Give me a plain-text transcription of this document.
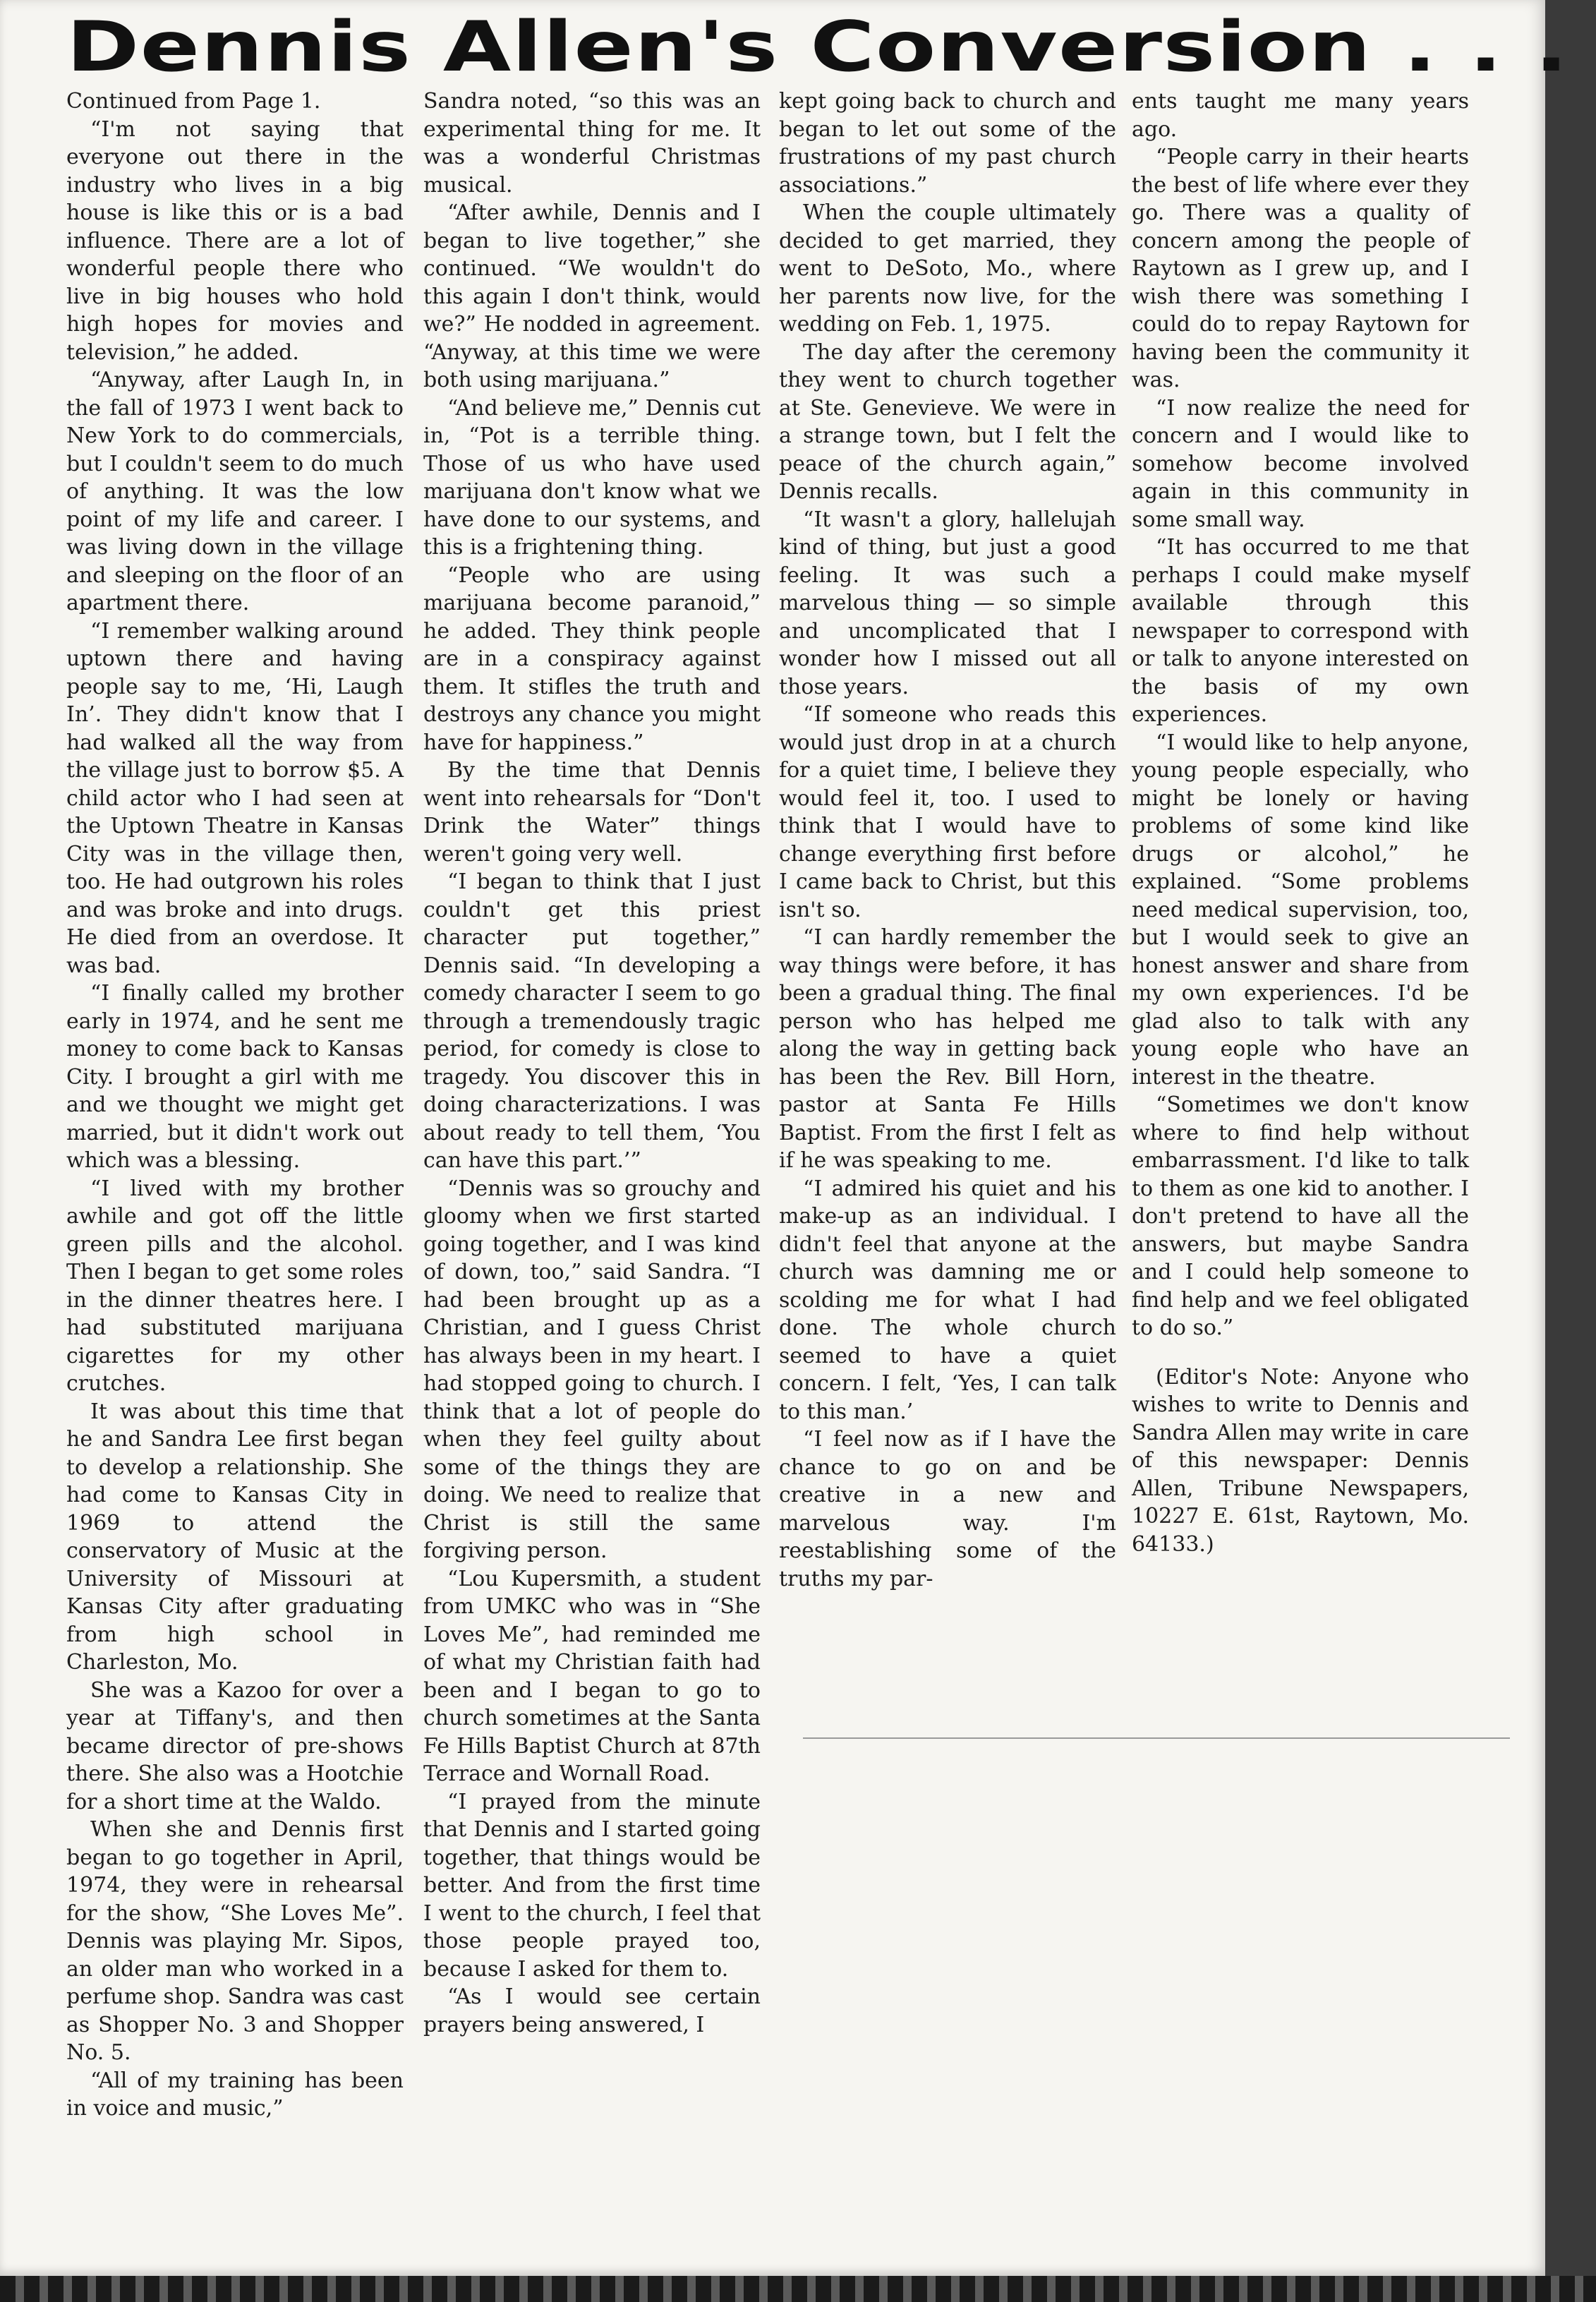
Dennis Allen's Conversion . . .

Continued from Page 1.

“I'm not saying that everyone out there in the industry who lives in a big house is like this or is a bad influence. There are a lot of wonderful people there who live in big houses who hold high hopes for movies and television,” he added.

“Anyway, after Laugh In, in the fall of 1973 I went back to New York to do commercials, but I couldn't seem to do much of anything. It was the low point of my life and career. I was living down in the village and sleeping on the floor of an apartment there.

“I remember walking around uptown there and having people say to me, ‘Hi, Laugh In’. They didn't know that I had walked all the way from the village just to borrow $5. A child actor who I had seen at the Uptown Theatre in Kansas City was in the village then, too. He had outgrown his roles and was broke and into drugs. He died from an overdose. It was bad.

“I finally called my brother early in 1974, and he sent me money to come back to Kansas City. I brought a girl with me and we thought we might get married, but it didn't work out which was a blessing.

“I lived with my brother awhile and got off the little green pills and the alcohol. Then I began to get some roles in the dinner theatres here. I had substituted marijuana cigarettes for my other crutches.

It was about this time that he and Sandra Lee first began to develop a relationship. She had come to Kansas City in 1969 to attend the conservatory of Music at the University of Missouri at Kansas City after graduating from high school in Charleston, Mo.

She was a Kazoo for over a year at Tiffany's, and then became director of pre-shows there. She also was a Hootchie for a short time at the Waldo.

When she and Dennis first began to go together in April, 1974, they were in rehearsal for the show, “She Loves Me”. Dennis was playing Mr. Sipos, an older man who worked in a perfume shop. Sandra was cast as Shopper No. 3 and Shopper No. 5.

“All of my training has been in voice and music,”

Sandra noted, “so this was an experimental thing for me. It was a wonderful Christmas musical.

“After awhile, Dennis and I began to live together,” she continued. “We wouldn't do this again I don't think, would we?” He nodded in agreement. “Anyway, at this time we were both using marijuana.”

“And believe me,” Dennis cut in, “Pot is a terrible thing. Those of us who have used marijuana don't know what we have done to our systems, and this is a frightening thing.

“People who are using marijuana become paranoid,” he added. They think people are in a conspiracy against them. It stifles the truth and destroys any chance you might have for happiness.”

By the time that Dennis went into rehearsals for “Don't Drink the Water” things weren't going very well.

“I began to think that I just couldn't get this priest character put together,” Dennis said. “In developing a comedy character I seem to go through a tremendously tragic period, for comedy is close to tragedy. You discover this in doing characterizations. I was about ready to tell them, ‘You can have this part.’”

“Dennis was so grouchy and gloomy when we first started going together, and I was kind of down, too,” said Sandra. “I had been brought up as a Christian, and I guess Christ has always been in my heart. I had stopped going to church. I think that a lot of people do when they feel guilty about some of the things they are doing. We need to realize that Christ is still the same forgiving person.

“Lou Kupersmith, a student from UMKC who was in “She Loves Me”, had reminded me of what my Christian faith had been and I began to go to church sometimes at the Santa Fe Hills Baptist Church at 87th Terrace and Wornall Road.

“I prayed from the minute that Dennis and I started going together, that things would be better. And from the first time I went to the church, I feel that those people prayed too, because I asked for them to.

“As I would see certain prayers being answered, I

kept going back to church and began to let out some of the frustrations of my past church associations.”

When the couple ultimately decided to get married, they went to DeSoto, Mo., where her parents now live, for the wedding on Feb. 1, 1975.

The day after the ceremony they went to church together at Ste. Genevieve. We were in a strange town, but I felt the peace of the church again,” Dennis recalls.

“It wasn't a glory, hallelujah kind of thing, but just a good feeling. It was such a marvelous thing — so simple and uncomplicated that I wonder how I missed out all those years.

“If someone who reads this would just drop in at a church for a quiet time, I believe they would feel it, too. I used to think that I would have to change everything first before I came back to Christ, but this isn't so.

“I can hardly remember the way things were before, it has been a gradual thing. The final person who has helped me along the way in getting back has been the Rev. Bill Horn, pastor at Santa Fe Hills Baptist. From the first I felt as if he was speaking to me.

“I admired his quiet and his make-up as an individual. I didn't feel that anyone at the church was damning me or scolding me for what I had done. The whole church seemed to have a quiet concern. I felt, ‘Yes, I can talk to this man.’

“I feel now as if I have the chance to go on and be creative in a new and marvelous way. I'm reestablishing some of the truths my par-

ents taught me many years ago.

“People carry in their hearts the best of life where ever they go. There was a quality of concern among the people of Raytown as I grew up, and I wish there was something I could do to repay Raytown for having been the community it was.

“I now realize the need for concern and I would like to somehow become involved again in this community in some small way.

“It has occurred to me that perhaps I could make myself available through this newspaper to correspond with or talk to anyone interested on the basis of my own experiences.

“I would like to help anyone, young people especially, who might be lonely or having problems of some kind like drugs or alcohol,” he explained. “Some problems need medical supervision, too, but I would seek to give an honest answer and share from my own experiences. I'd be glad also to talk with any young eople who have an interest in the theatre.

“Sometimes we don't know where to find help without embarrassment. I'd like to talk to them as one kid to another. I don't pretend to have all the answers, but maybe Sandra and I could help someone to find help and we feel obligated to do so.”

(Editor's Note: Anyone who wishes to write to Dennis and Sandra Allen may write in care of this newspaper: Dennis Allen, Tribune Newspapers, 10227 E. 61st, Raytown, Mo. 64133.)
